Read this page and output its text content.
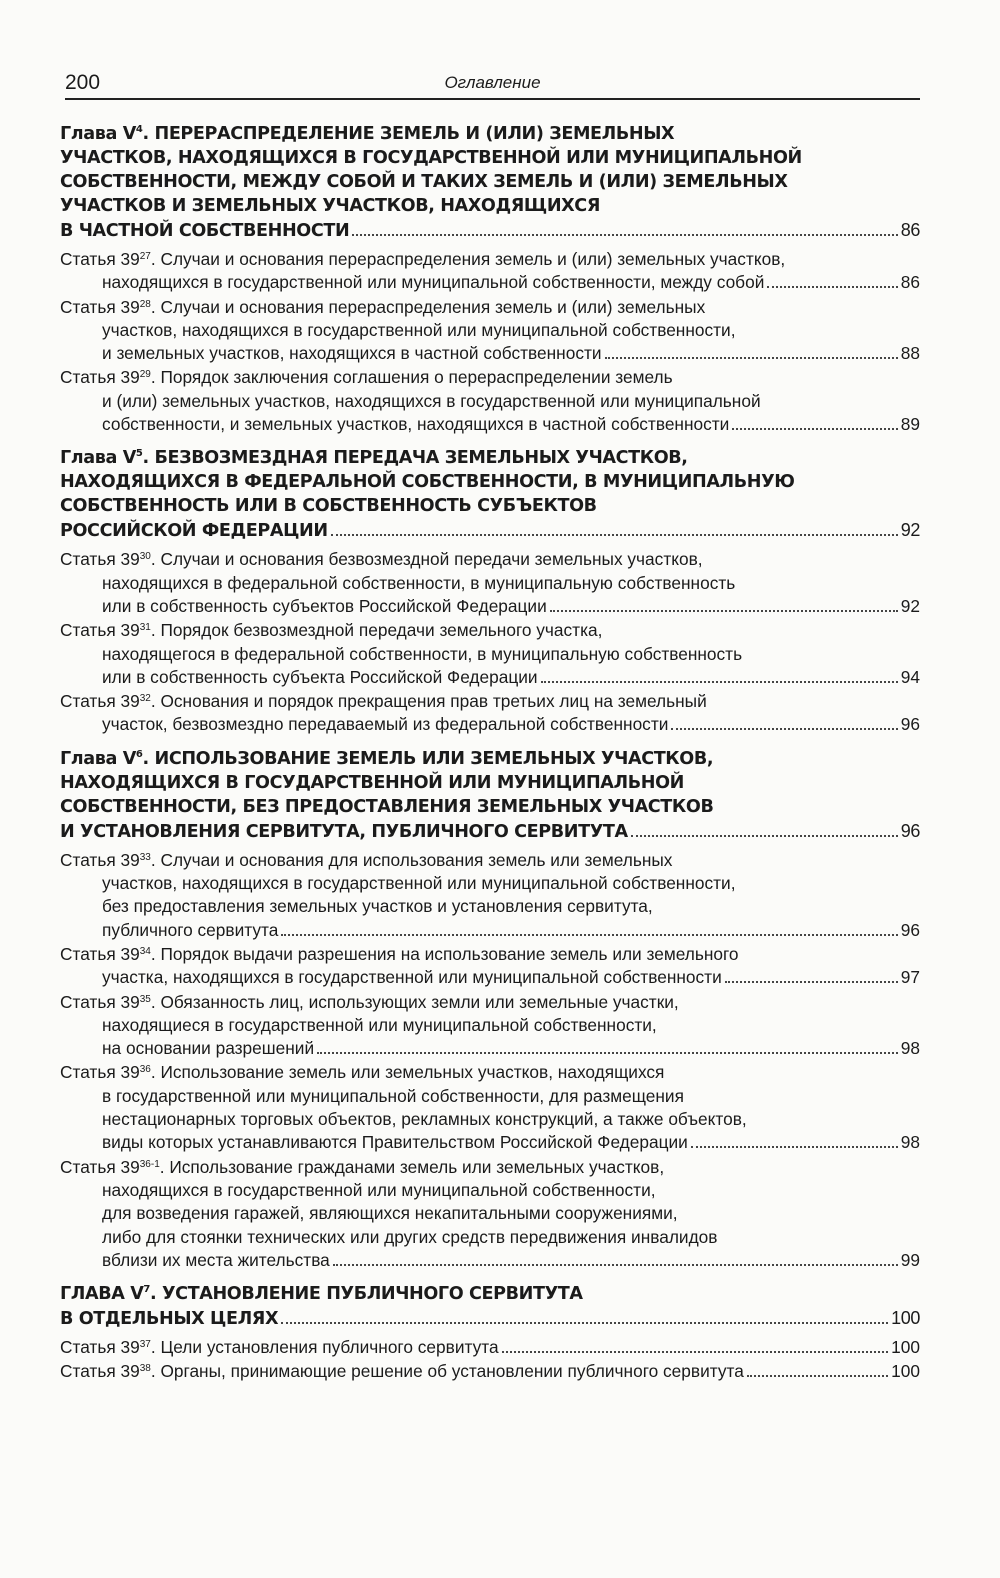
200	Оглавление
Глава $V^4$. ПЕРЕРАСПРЕДЕЛЕНИЕ ЗЕМЕЛЬ И (ИЛИ) ЗЕМЕЛЬНЫХ
УЧАСТКОВ, НАХОДЯЩИХСЯ В ГОСУДАРСТВЕННОЙ ИЛИ МУНИЦИПАЛЬНОЙ
СОБСТВЕННОСТИ, МЕЖДУ СОБОЙ И ТАКИХ ЗЕМЕЛЬ И (ИЛИ) ЗЕМЕЛЬНЫХ
УЧАСТКОВ И ЗЕМЕЛЬНЫХ УЧАСТКОВ, НАХОДЯЩИХСЯ
В ЧАСТНОЙ СОБСТВЕННОСТИ	86
Статья $39^{27}$. Случаи и основания перераспределения земель и (или) земельных участков,
находящихся в государственной или муниципальной собственности, между собой	86
Статья $39^{28}$. Случаи и основания перераспределения земель и (или) земельных
участков, находящихся в государственной или муниципальной собственности,
и земельных участков, находящихся в частной собственности	88
Статья $39^{29}$. Порядок заключения соглашения о перераспределении земель
и (или) земельных участков, находящихся в государственной или муниципальной
собственности, и земельных участков, находящихся в частной собственности	89
Глава $V^5$. БЕЗВОЗМЕЗДНАЯ ПЕРЕДАЧА ЗЕМЕЛЬНЫХ УЧАСТКОВ,
НАХОДЯЩИХСЯ В ФЕДЕРАЛЬНОЙ СОБСТВЕННОСТИ, В МУНИЦИПАЛЬНУЮ
СОБСТВЕННОСТЬ ИЛИ В СОБСТВЕННОСТЬ СУБЪЕКТОВ
РОССИЙСКОЙ ФЕДЕРАЦИИ	92
Статья $39^{30}$. Случаи и основания безвозмездной передачи земельных участков,
находящихся в федеральной собственности, в муниципальную собственность
или в собственность субъектов Российской Федерации	92
Статья $39^{31}$. Порядок безвозмездной передачи земельного участка,
находящегося в федеральной собственности, в муниципальную собственность
или в собственность субъекта Российской Федерации	94
Статья $39^{32}$. Основания и порядок прекращения прав третьих лиц на земельный
участок, безвозмездно передаваемый из федеральной собственности	96
Глава $V^6$. ИСПОЛЬЗОВАНИЕ ЗЕМЕЛЬ ИЛИ ЗЕМЕЛЬНЫХ УЧАСТКОВ,
НАХОДЯЩИХСЯ В ГОСУДАРСТВЕННОЙ ИЛИ МУНИЦИПАЛЬНОЙ
СОБСТВЕННОСТИ, БЕЗ ПРЕДОСТАВЛЕНИЯ ЗЕМЕЛЬНЫХ УЧАСТКОВ
И УСТАНОВЛЕНИЯ СЕРВИТУТА, ПУБЛИЧНОГО СЕРВИТУТА	96
Статья $39^{33}$. Случаи и основания для использования земель или земельных
участков, находящихся в государственной или муниципальной собственности,
без предоставления земельных участков и установления сервитута,
публичного сервитута	96
Статья $39^{34}$. Порядок выдачи разрешения на использование земель или земельного
участка, находящихся в государственной или муниципальной собственности	97
Статья $39^{35}$. Обязанность лиц, использующих земли или земельные участки,
находящиеся в государственной или муниципальной собственности,
на основании разрешений	98
Статья $39^{36}$. Использование земель или земельных участков, находящихся
в государственной или муниципальной собственности, для размещения
нестационарных торговых объектов, рекламных конструкций, а также объектов,
виды которых устанавливаются Правительством Российской Федерации	98
Статья 39$^{36-1}$. Использование гражданами земель или земельных участков,
находящихся в государственной или муниципальной собственности,
для возведения гаражей, являющихся некапитальными сооружениями,
либо для стоянки технических или других средств передвижения инвалидов
вблизи их места жительства	99
ГЛАВА $V^7$. УСТАНОВЛЕНИЕ ПУБЛИЧНОГО СЕРВИТУТА
В ОТДЕЛЬНЫХ ЦЕЛЯХ	100
Статья $39^{37}$. Цели установления публичного сервитута	100
Статья $39^{38}$. Органы, принимающие решение об установлении публичного сервитута	100
